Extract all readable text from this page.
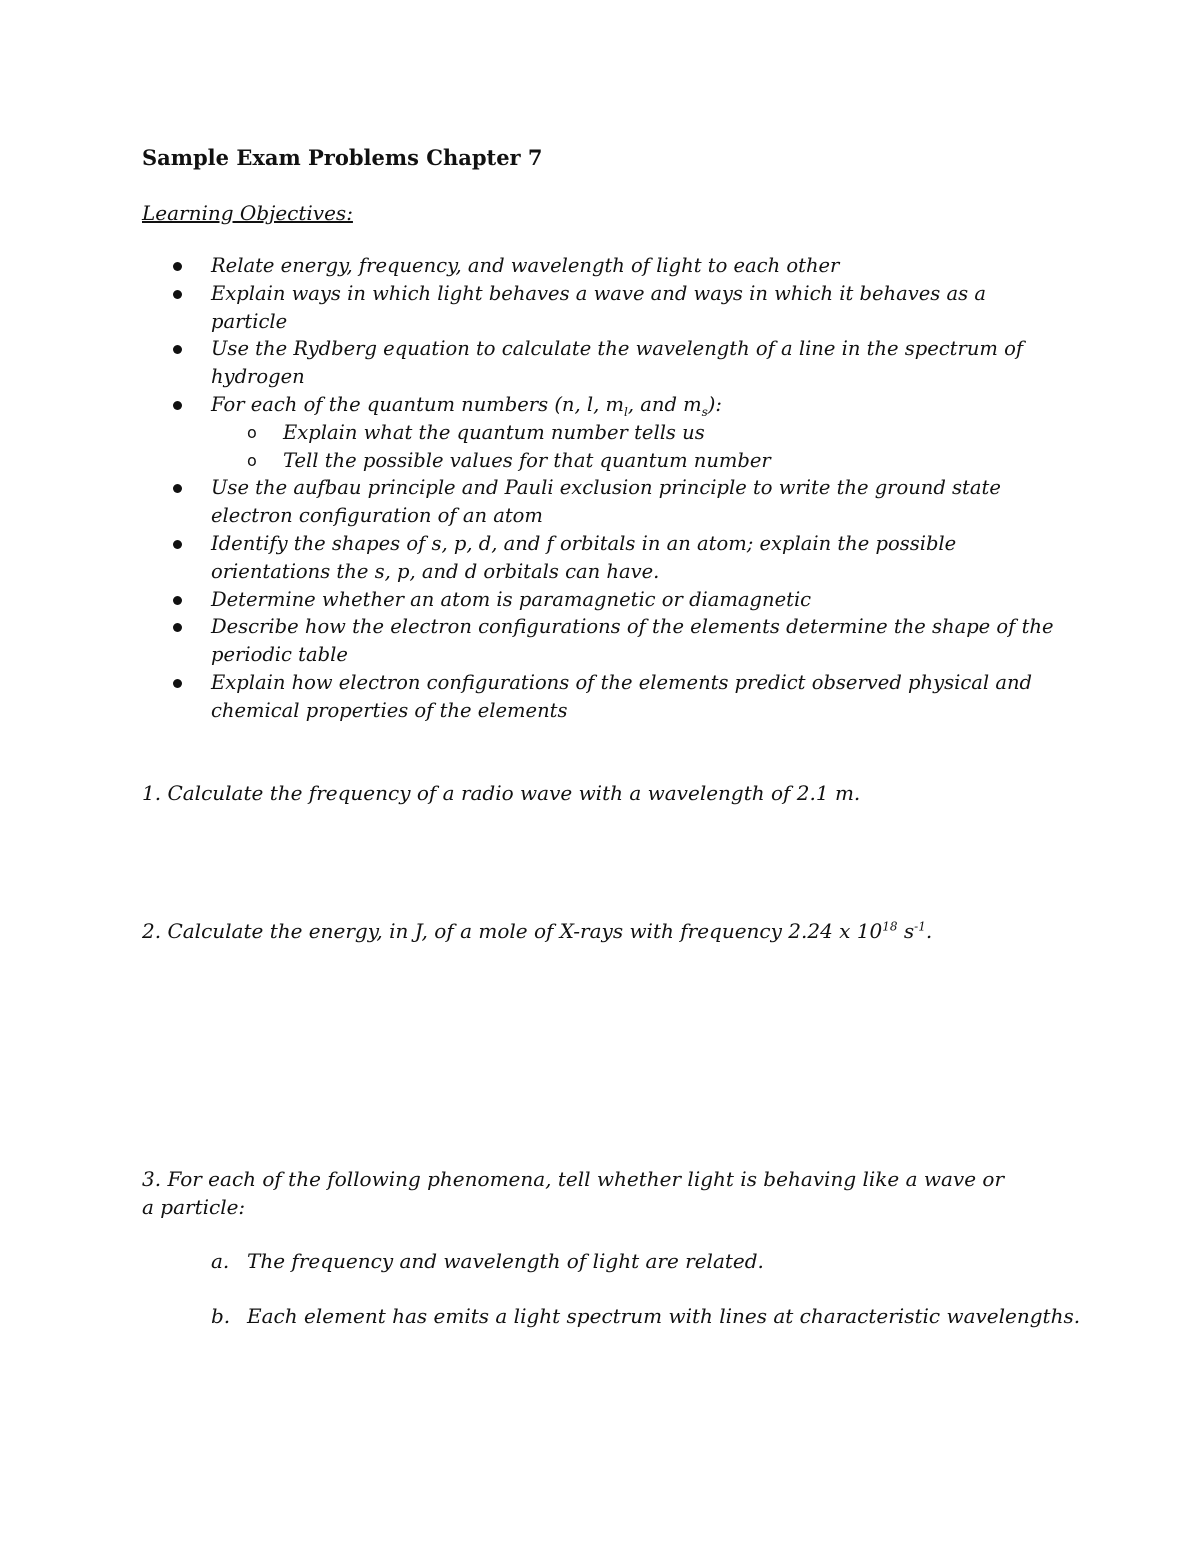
Sample Exam Problems Chapter 7
Learning Objectives:
Relate energy, frequency, and wavelength of light to each other
Explain ways in which light behaves a wave and ways in which it behaves as a particle
Use the Rydberg equation to calculate the wavelength of a line in the spectrum of hydrogen
For each of the quantum numbers (n, l, $m_l$, and $m_s$):
o Explain what the quantum number tells us
o Tell the possible values for that quantum number
Use the aufbau principle and Pauli exclusion principle to write the ground state electron configuration of an atom
Identify the shapes of s, p, d, and f orbitals in an atom; explain the possible orientations the s, p, and d orbitals can have.
Determine whether an atom is paramagnetic or diamagnetic
Describe how the electron configurations of the elements determine the shape of the periodic table
Explain how electron configurations of the elements predict observed physical and chemical properties of the elements
1. Calculate the frequency of a radio wave with a wavelength of 2.1 m.
2. Calculate the energy, in J, of a mole of X-rays with frequency 2.24 x $10^{18}$ $s^{-1}$.
3. For each of the following phenomena, tell whether light is behaving like a wave or a particle:
a. The frequency and wavelength of light are related.
b. Each element has emits a light spectrum with lines at characteristic wavelengths.
